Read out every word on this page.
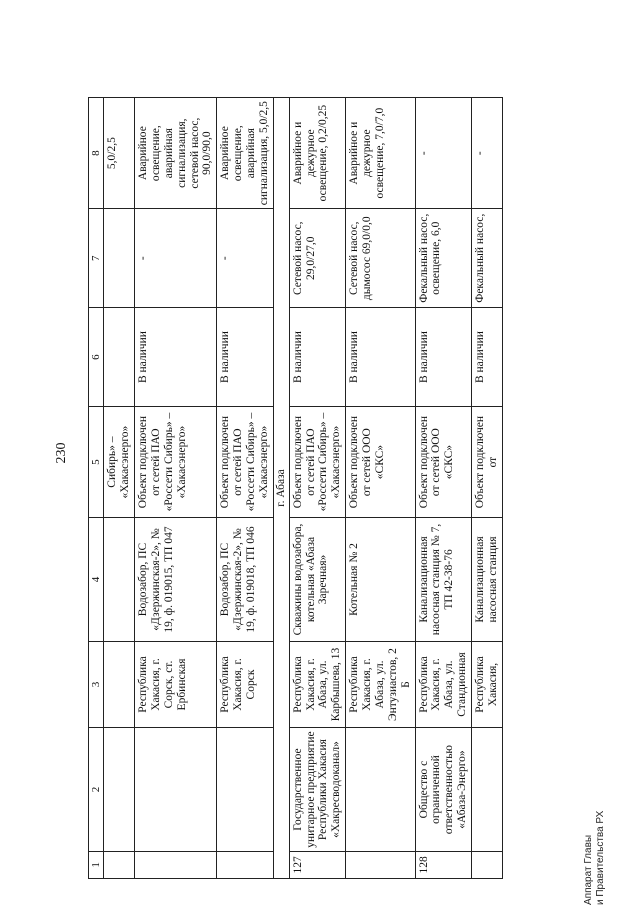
230
1	2	3	4	5	6	7	8
				Сибирь» – «Хакасэнерго»			5,0/2,5
		Республика Хакасия, г. Сорск, ст. Ербинская	Водозабор, ПС «Дзержинская-2», № 19, ф. 019015, ТП 047	Объект подключен от сетей ПАО «Россети Сибирь» – «Хакасэнерго»	В наличии	-	Аварийное освещение, аварийная сигнализация, сетевой насос, 90,0/90,0
		Республика Хакасия, г. Сорск	Водозабор, ПС «Дзержинская-2», № 19, ф. 019018, ТП 046	Объект подключен от сетей ПАО «Россети Сибирь» – «Хакасэнерго»	В наличии	-	Аварийное освещение, аварийная сигнализация, 5,0/2,5
г. Абаза							
127	Государственное унитарное предприятие Республики Хакасия «Хакресводоканал»	Республика Хакасия, г. Абаза, ул. Карбышева, 13	Скважины водозабора, котельная «Абаза Заречная»	Объект подключен от сетей ПАО «Россети Сибирь» – «Хакасэнерго»	В наличии	Сетевой насос, 29,0/27,0	Аварийное и дежурное освещение, 0,2/0,25
		Республика Хакасия, г. Абаза, ул. Энтузиастов, 2 Б	Котельная № 2	Объект подключен от сетей ООО «СКС»	В наличии	Сетевой насос, дымосос 69,0/0,0	Аварийное и дежурное освещение, 7,0/7,0
128	Общество с ограниченной ответственностью «Абаза-Энерго»	Республика Хакасия, г. Абаза, ул. Стандионная	Канализационная насосная станция № 7, ТП 42-38-76	Объект подключен от сетей ООО «СКС»	В наличии	Фекальный насос, освещение, 6,0	-
		Республика Хакасия,	Канализационная насосная станция	Объект подключен от	В наличии	Фекальный насос,	-
Аппарат Главы и Правительства РХ
